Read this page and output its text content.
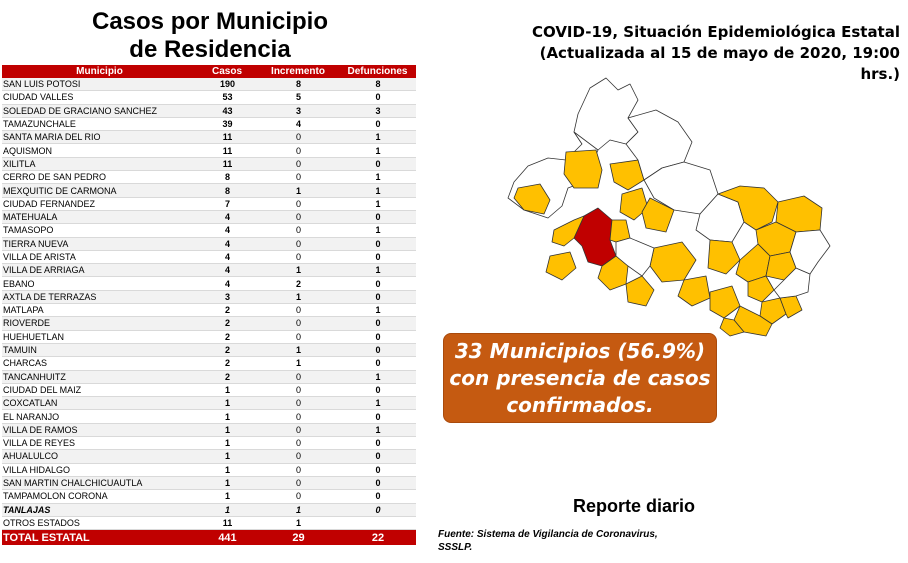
Casos por Municipio
de Residencia
Municipio	Casos	Incremento	Defunciones
SAN LUIS POTOSI	190	8	8
CIUDAD VALLES	53	5	0
SOLEDAD DE GRACIANO SANCHEZ	43	3	3
TAMAZUNCHALE	39	4	0
SANTA MARIA DEL RIO	11	0	1
AQUISMON	11	0	1
XILITLA	11	0	0
CERRO DE SAN PEDRO	8	0	1
MEXQUITIC DE CARMONA	8	1	1
CIUDAD FERNANDEZ	7	0	1
MATEHUALA	4	0	0
TAMASOPO	4	0	1
TIERRA NUEVA	4	0	0
VILLA DE ARISTA	4	0	0
VILLA DE ARRIAGA	4	1	1
EBANO	4	2	0
AXTLA DE TERRAZAS	3	1	0
MATLAPA	2	0	1
RIOVERDE	2	0	0
HUEHUETLAN	2	0	0
TAMUIN	2	1	0
CHARCAS	2	1	0
TANCANHUITZ	2	0	1
CIUDAD DEL MAIZ	1	0	0
COXCATLAN	1	0	1
EL NARANJO	1	0	0
VILLA DE RAMOS	1	0	1
VILLA DE REYES	1	0	0
AHUALULCO	1	0	0
VILLA HIDALGO	1	0	0
SAN MARTIN CHALCHICUAUTLA	1	0	0
TAMPAMOLON CORONA	1	0	0
TANLAJAS	1	1	0
OTROS ESTADOS	11	1	
TOTAL ESTATAL	441	29	22
COVID-19, Situación Epidemiológica Estatal
(Actualizada al 15 de mayo de 2020, 19:00 hrs.)
33 Municipios (56.9%)
con presencia de casos
confirmados.
Reporte diario
Fuente: Sistema de Vigilancia de Coronavirus,
SSSLP.
